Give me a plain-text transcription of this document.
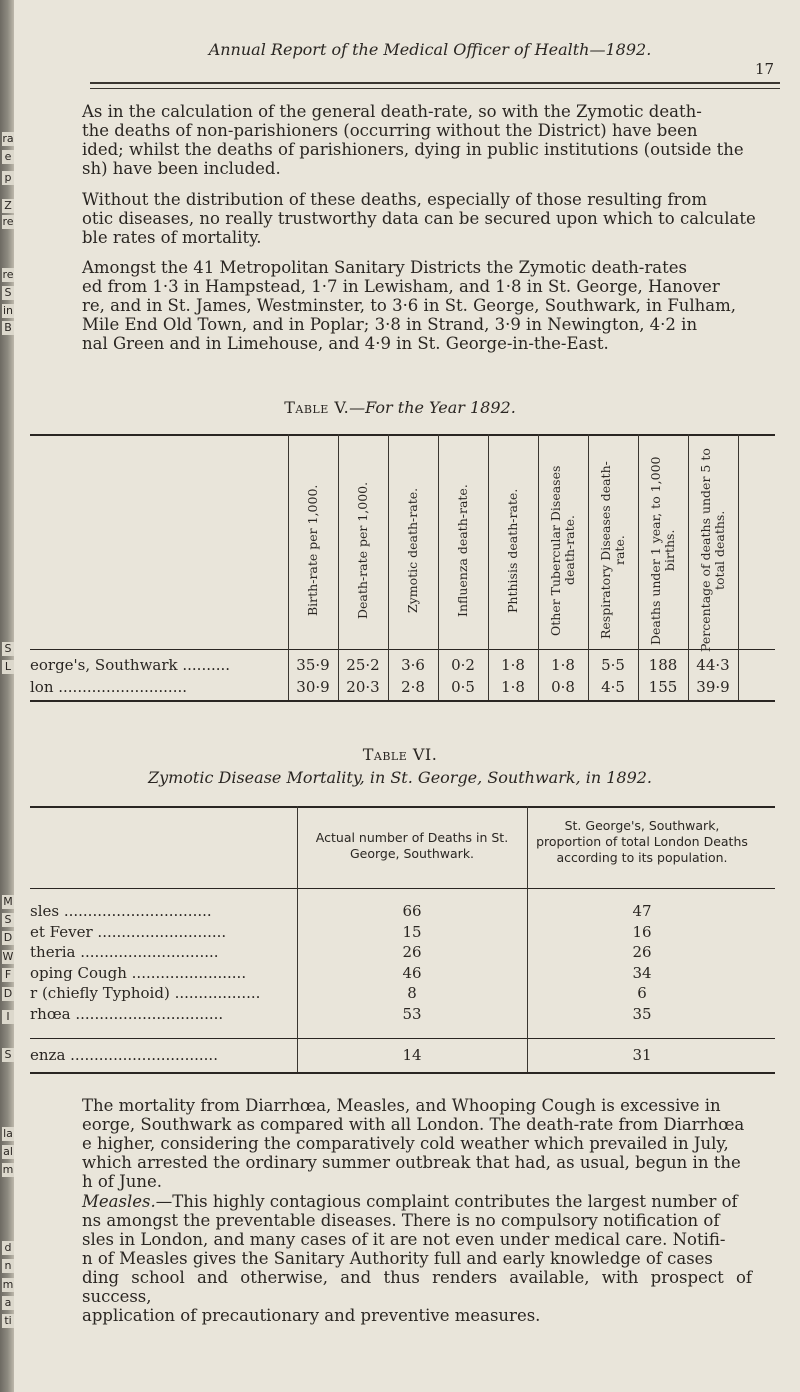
ra
e
p
Z
re
re
S
in
B
S
L
M
S
D
W
F
D
I
S
la
al
m
d
n
m
a
ti
Annual Report of the Medical Officer of Health—1892.
17
As in the calculation of the general death-rate, so with the Zymotic death-
the deaths of non-parishioners (occurring without the District) have been
ided; whilst the deaths of parishioners, dying in public institutions (outside the
sh) have been included.
Without the distribution of these deaths, especially of those resulting from
otic diseases, no really trustworthy data can be secured upon which to calculate
ble rates of mortality.
Amongst the 41 Metropolitan Sanitary Districts the Zymotic death-rates
ed from 1·3 in Hampstead, 1·7 in Lewisham, and 1·8 in St. George, Hanover
re, and in St. James, Westminster, to 3·6 in St. George, Southwark, in Fulham,
Mile End Old Town, and in Poplar; 3·8 in Strand, 3·9 in Newington, 4·2 in
nal Green and in Limehouse, and 4·9 in St. George-in-the-East.
Table V.—For the Year 1892.
Birth-rate per 1,000.	Death-rate per 1,000.	Zymotic death-rate.	Influenza death-rate.	Phthisis death-rate.	Other Tubercular Diseases death-rate.	Respiratory Diseases death-rate.	Deaths under 1 year, to 1,000 births.	Percentage of deaths under 5 to total deaths.
eorge's, Southwark ..........	35·9	25·2	3·6	0·2	1·8	1·8	5·5	188	44·3
lon ...........................	30·9	20·3	2·8	0·5	1·8	0·8	4·5	155	39·9
Table VI.
Zymotic Disease Mortality, in St. George, Southwark, in 1892.
Actual number of Deaths in St. George, Southwark.
St. George's, Southwark, proportion of total London Deaths according to its population.
sles ...............................	66	47
et Fever ...........................	15	16
theria .............................	26	26
oping Cough ........................	46	34
r (chiefly Typhoid) ..................	8	6
rhœa ...............................	53	35
enza ...............................	14	31
The mortality from Diarrhœa, Measles, and Whooping Cough is excessive in
eorge, Southwark as compared with all London. The death-rate from Diarrhœa
e higher, considering the comparatively cold weather which prevailed in July,
which arrested the ordinary summer outbreak that had, as usual, begun in the
h of June.
Measles.—This highly contagious complaint contributes the largest number of
ns amongst the preventable diseases. There is no compulsory notification of
sles in London, and many cases of it are not even under medical care. Notifi-
n of Measles gives the Sanitary Authority full and early knowledge of cases
ding school and otherwise, and thus renders available, with prospect of success,
application of precautionary and preventive measures.
